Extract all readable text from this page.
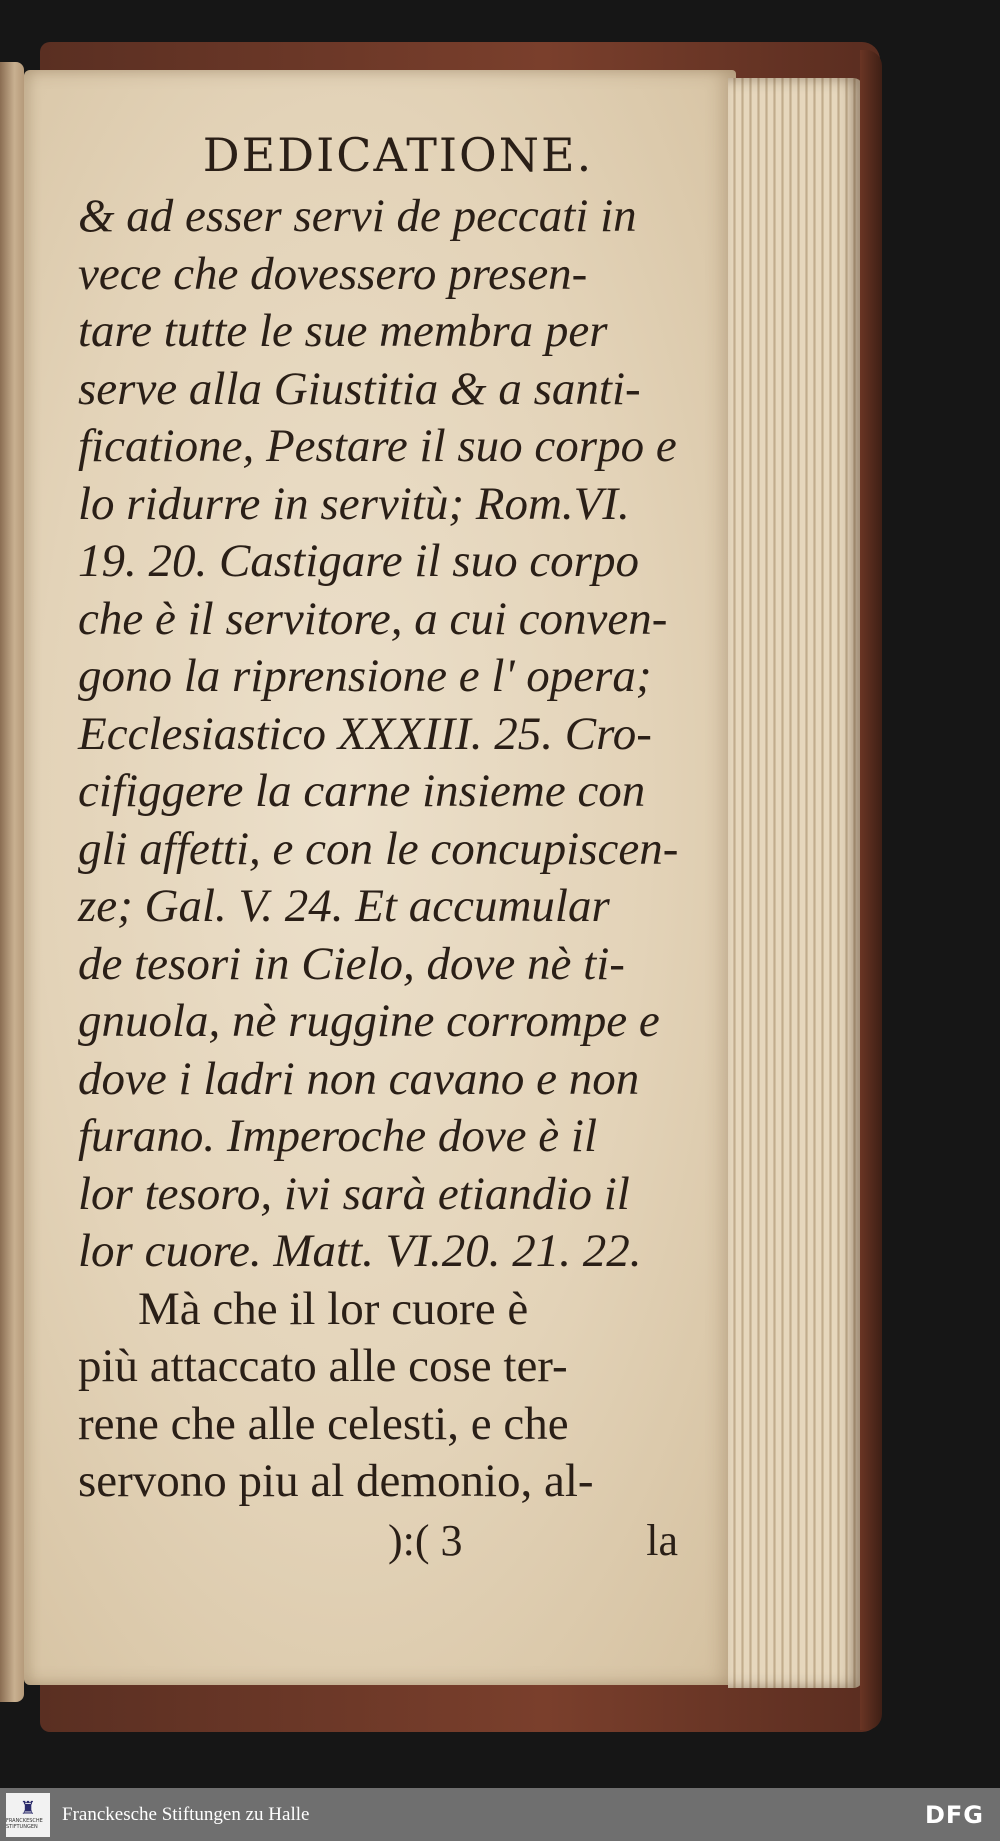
DEDICATIONE.
& ad esser servi de peccati in
vece che dovessero presen-
tare tutte le sue membra per
serve alla Giustitia & a santi-
ficatione, Pestare il suo corpo e
lo ridurre in servitù; Rom.VI.
19. 20. Castigare il suo corpo
che è il servitore, a cui conven-
gono la riprensione e l' opera;
Ecclesiastico XXXIII. 25. Cro-
cifiggere la carne insieme con
gli affetti, e con le concupiscen-
ze; Gal. V. 24. Et accumular
de tesori in Cielo, dove nè ti-
gnuola, nè ruggine corrompe e
dove i ladri non cavano e non
furano. Imperoche dove è il
lor tesoro, ivi sarà etiandio il
lor cuore. Matt. VI.20. 21. 22.
Mà che il lor cuore è
più attaccato alle cose ter-
rene che alle celesti, e che
servono piu al demonio, al-
):( 3	la
♜
FRANCKESCHE STIFTUNGEN
Franckesche Stiftungen zu Halle	DFG
